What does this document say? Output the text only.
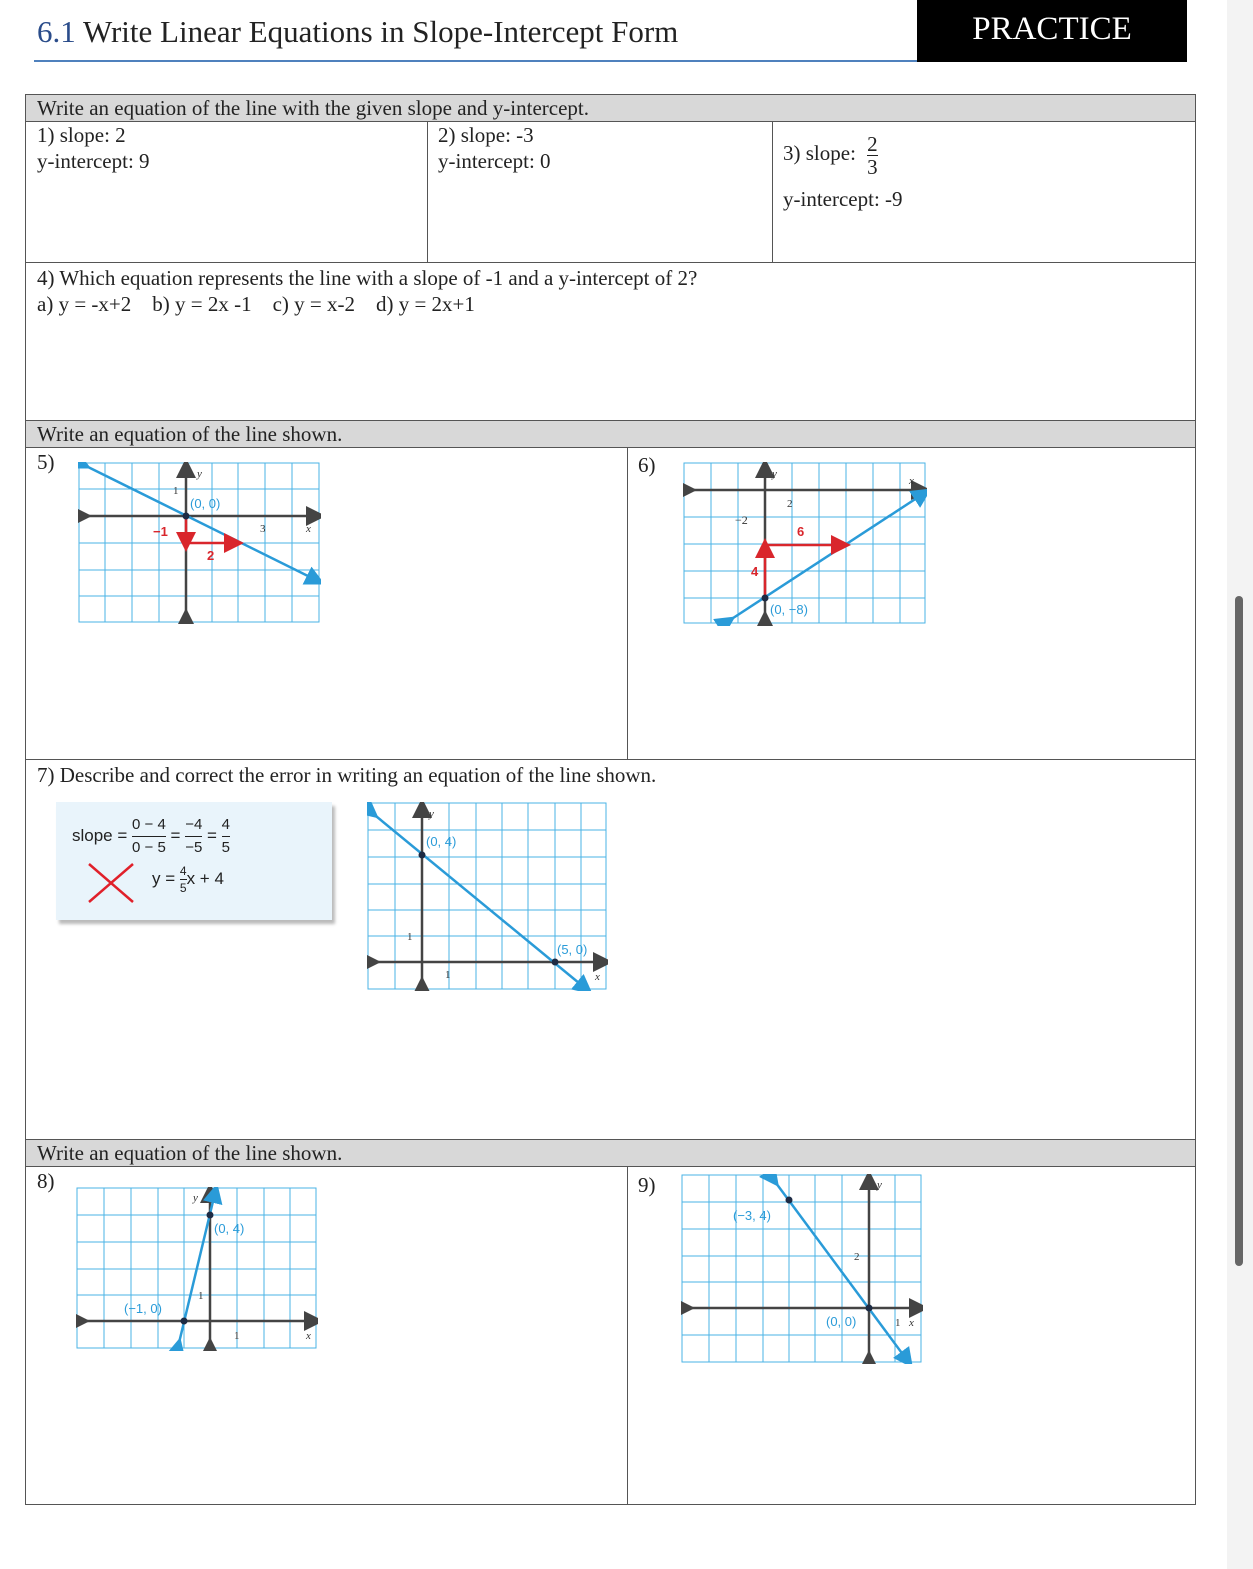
6.1 Write Linear Equations in Slope-Intercept Form	PRACTICE
Write an equation of the line with the given slope and y-intercept.
1) slope: 2
y-intercept: 9
2) slope: -3
y-intercept: 0	3) slope: $\frac{2}{3}$
y-intercept: -9
4) Which equation represents the line with a slope of -1 and a y-intercept of 2?
a) y = -x+2    b) y = 2x -1    c) y = x-2    d) y = 2x+1
Write an equation of the line shown.
5)	6)
y
x
1
(0, 0)
−1	3
2
y
x
−2
2
6
4
(0, −8)
7) Describe and correct the error in writing an equation of the line shown.
slope = $\frac{0 - 4}{0 - 5} = \frac{-4}{-5} = \frac{4}{5}$
$y = \frac{4}{5}$ x + 4
y
x
1
1
(0, 4)
(5, 0)
Write an equation of the line shown.
8)	9)
y
x
(0, 4)
(−1, 0)
1
1
y
x
(−3, 4)
(0, 0)
2
1
